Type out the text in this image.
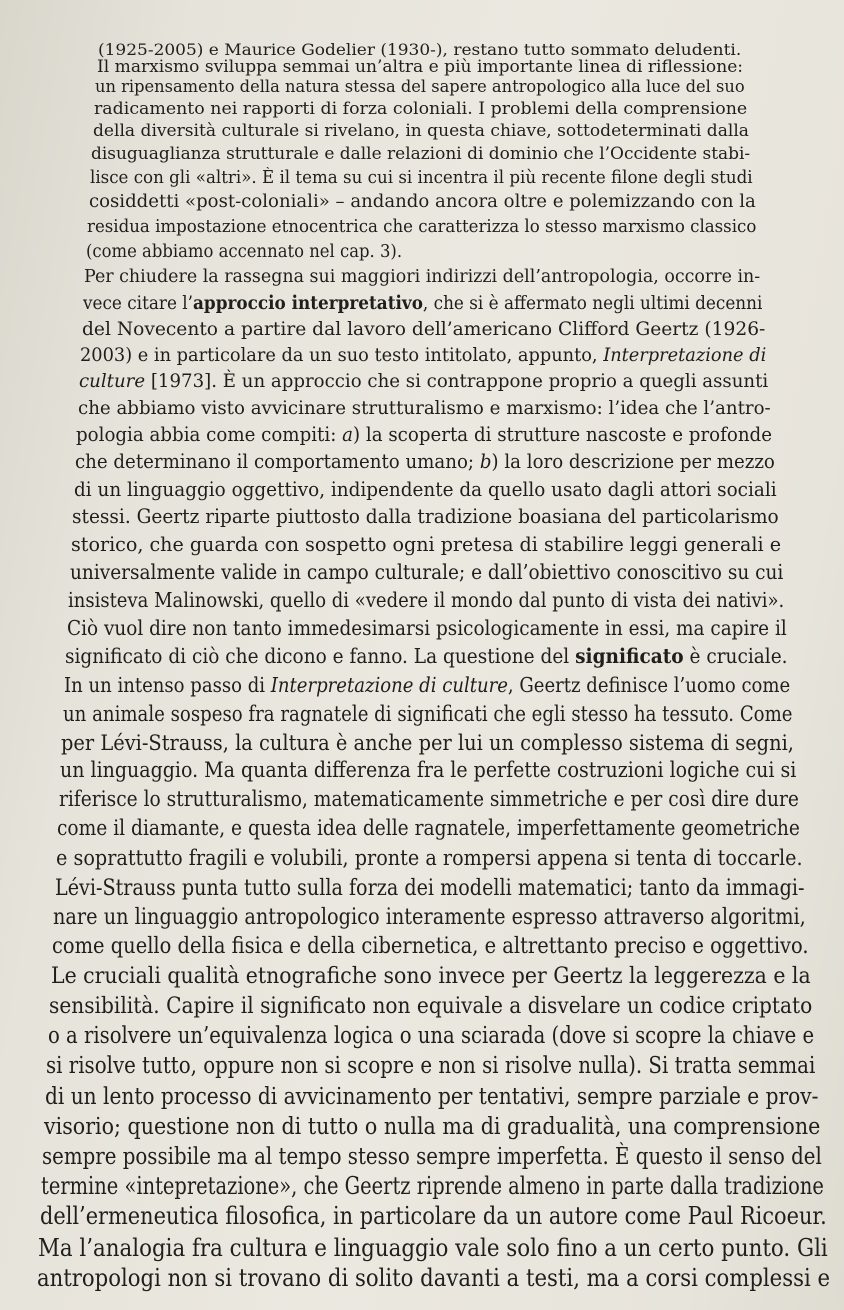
(1925-2005) e Maurice Godelier (1930-), restano tutto sommato deludenti.
Il marxismo sviluppa semmai un’altra e più importante linea di riflessione:
un ripensamento della natura stessa del sapere antropologico alla luce del suo
radicamento nei rapporti di forza coloniali. I problemi della comprensione
della diversità culturale si rivelano, in questa chiave, sottodeterminati dalla
disuguaglianza strutturale e dalle relazioni di dominio che l’Occidente stabi-
lisce con gli «altri». È il tema su cui si incentra il più recente filone degli studi
cosiddetti «post-coloniali» – andando ancora oltre e polemizzando con la
residua impostazione etnocentrica che caratterizza lo stesso marxismo classico
(come abbiamo accennato nel cap. 3).
Per chiudere la rassegna sui maggiori indirizzi dell’antropologia, occorre in-
vece citare l’approccio interpretativo, che si è affermato negli ultimi decenni
del Novecento a partire dal lavoro dell’americano Clifford Geertz (1926-
2003) e in particolare da un suo testo intitolato, appunto, Interpretazione di
culture [1973]. È un approccio che si contrappone proprio a quegli assunti
che abbiamo visto avvicinare strutturalismo e marxismo: l’idea che l’antro-
pologia abbia come compiti: a) la scoperta di strutture nascoste e profonde
che determinano il comportamento umano; b) la loro descrizione per mezzo
di un linguaggio oggettivo, indipendente da quello usato dagli attori sociali
stessi. Geertz riparte piuttosto dalla tradizione boasiana del particolarismo
storico, che guarda con sospetto ogni pretesa di stabilire leggi generali e
universalmente valide in campo culturale; e dall’obiettivo conoscitivo su cui
insisteva Malinowski, quello di «vedere il mondo dal punto di vista dei nativi».
Ciò vuol dire non tanto immedesimarsi psicologicamente in essi, ma capire il
significato di ciò che dicono e fanno. La questione del significato è cruciale.
In un intenso passo di Interpretazione di culture, Geertz definisce l’uomo come
un animale sospeso fra ragnatele di significati che egli stesso ha tessuto. Come
per Lévi-Strauss, la cultura è anche per lui un complesso sistema di segni,
un linguaggio. Ma quanta differenza fra le perfette costruzioni logiche cui si
riferisce lo strutturalismo, matematicamente simmetriche e per così dire dure
come il diamante, e questa idea delle ragnatele, imperfettamente geometriche
e soprattutto fragili e volubili, pronte a rompersi appena si tenta di toccarle.
Lévi-Strauss punta tutto sulla forza dei modelli matematici; tanto da immagi-
nare un linguaggio antropologico interamente espresso attraverso algoritmi,
come quello della fisica e della cibernetica, e altrettanto preciso e oggettivo.
Le cruciali qualità etnografiche sono invece per Geertz la leggerezza e la
sensibilità. Capire il significato non equivale a disvelare un codice criptato
o a risolvere un’equivalenza logica o una sciarada (dove si scopre la chiave e
si risolve tutto, oppure non si scopre e non si risolve nulla). Si tratta semmai
di un lento processo di avvicinamento per tentativi, sempre parziale e prov-
visorio; questione non di tutto o nulla ma di gradualità, una comprensione
sempre possibile ma al tempo stesso sempre imperfetta. È questo il senso del
termine «intepretazione», che Geertz riprende almeno in parte dalla tradizione
dell’ermeneutica filosofica, in particolare da un autore come Paul Ricoeur.
Ma l’analogia fra cultura e linguaggio vale solo fino a un certo punto. Gli
antropologi non si trovano di solito davanti a testi, ma a corsi complessi e
